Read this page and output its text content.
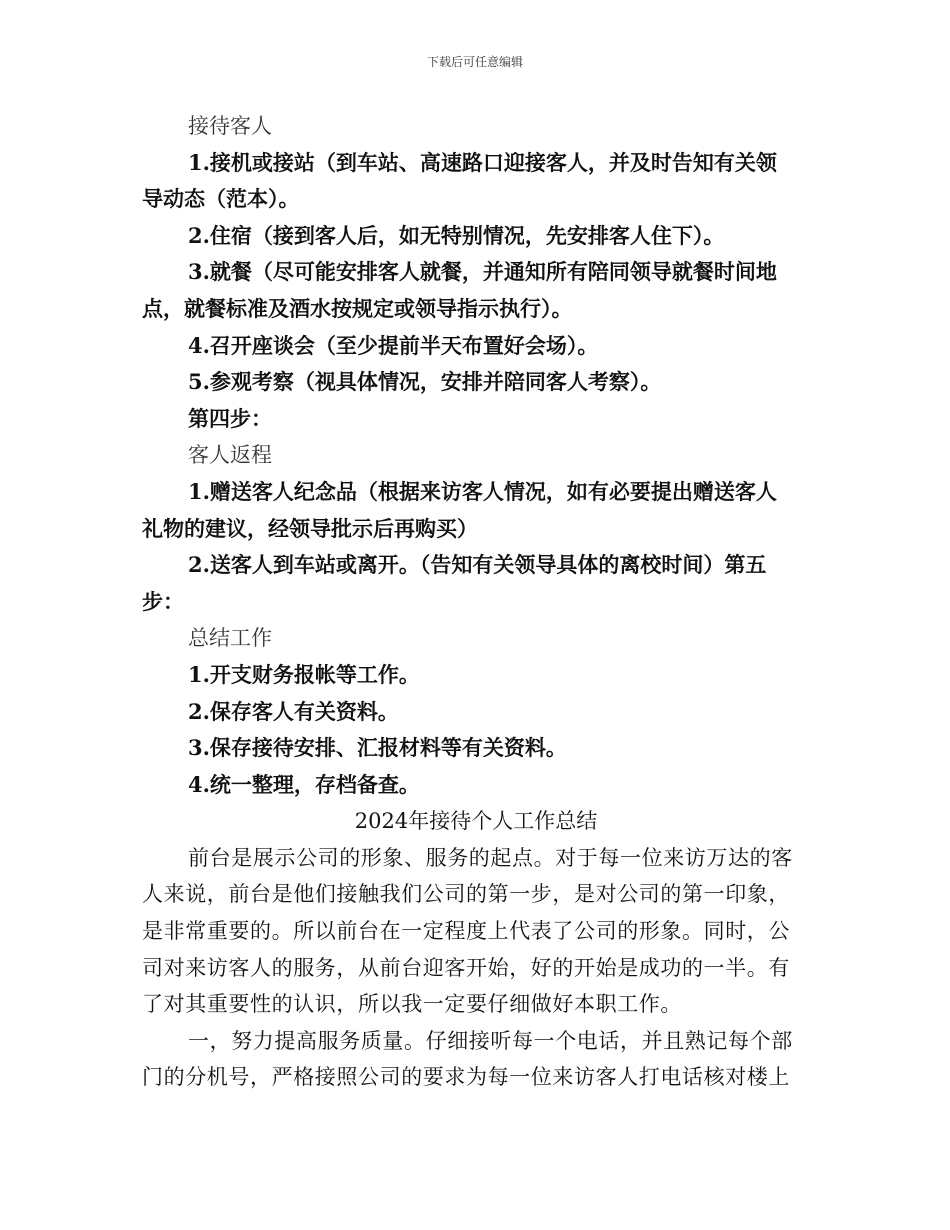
下载后可任意编辑
接待客人
1.接机或接站（到车站、高速路口迎接客人，并及时告知有关领
导动态（范本）。
2.住宿（接到客人后，如无特别情况，先安排客人住下）。
3.就餐（尽可能安排客人就餐，并通知所有陪同领导就餐时间地
点，就餐标准及酒水按规定或领导指示执行）。
4.召开座谈会（至少提前半天布置好会场）。
5.参观考察（视具体情况，安排并陪同客人考察）。
第四步：
客人返程
1.赠送客人纪念品（根据来访客人情况，如有必要提出赠送客人
礼物的建议，经领导批示后再购买）
2.送客人到车站或离开。（告知有关领导具体的离校时间）第五
步：
总结工作
1.开支财务报帐等工作。
2.保存客人有关资料。
3.保存接待安排、汇报材料等有关资料。
4.统一整理，存档备查。
2024年接待个人工作总结
前台是展示公司的形象、服务的起点。对于每一位来访万达的客
人来说，前台是他们接触我们公司的第一步，是对公司的第一印象，
是非常重要的。所以前台在一定程度上代表了公司的形象。同时，公
司对来访客人的服务，从前台迎客开始，好的开始是成功的一半。有
了对其重要性的认识，所以我一定要仔细做好本职工作。
一，努力提高服务质量。仔细接听每一个电话，并且熟记每个部
门的分机号，严格接照公司的要求为每一位来访客人打电话核对楼上
